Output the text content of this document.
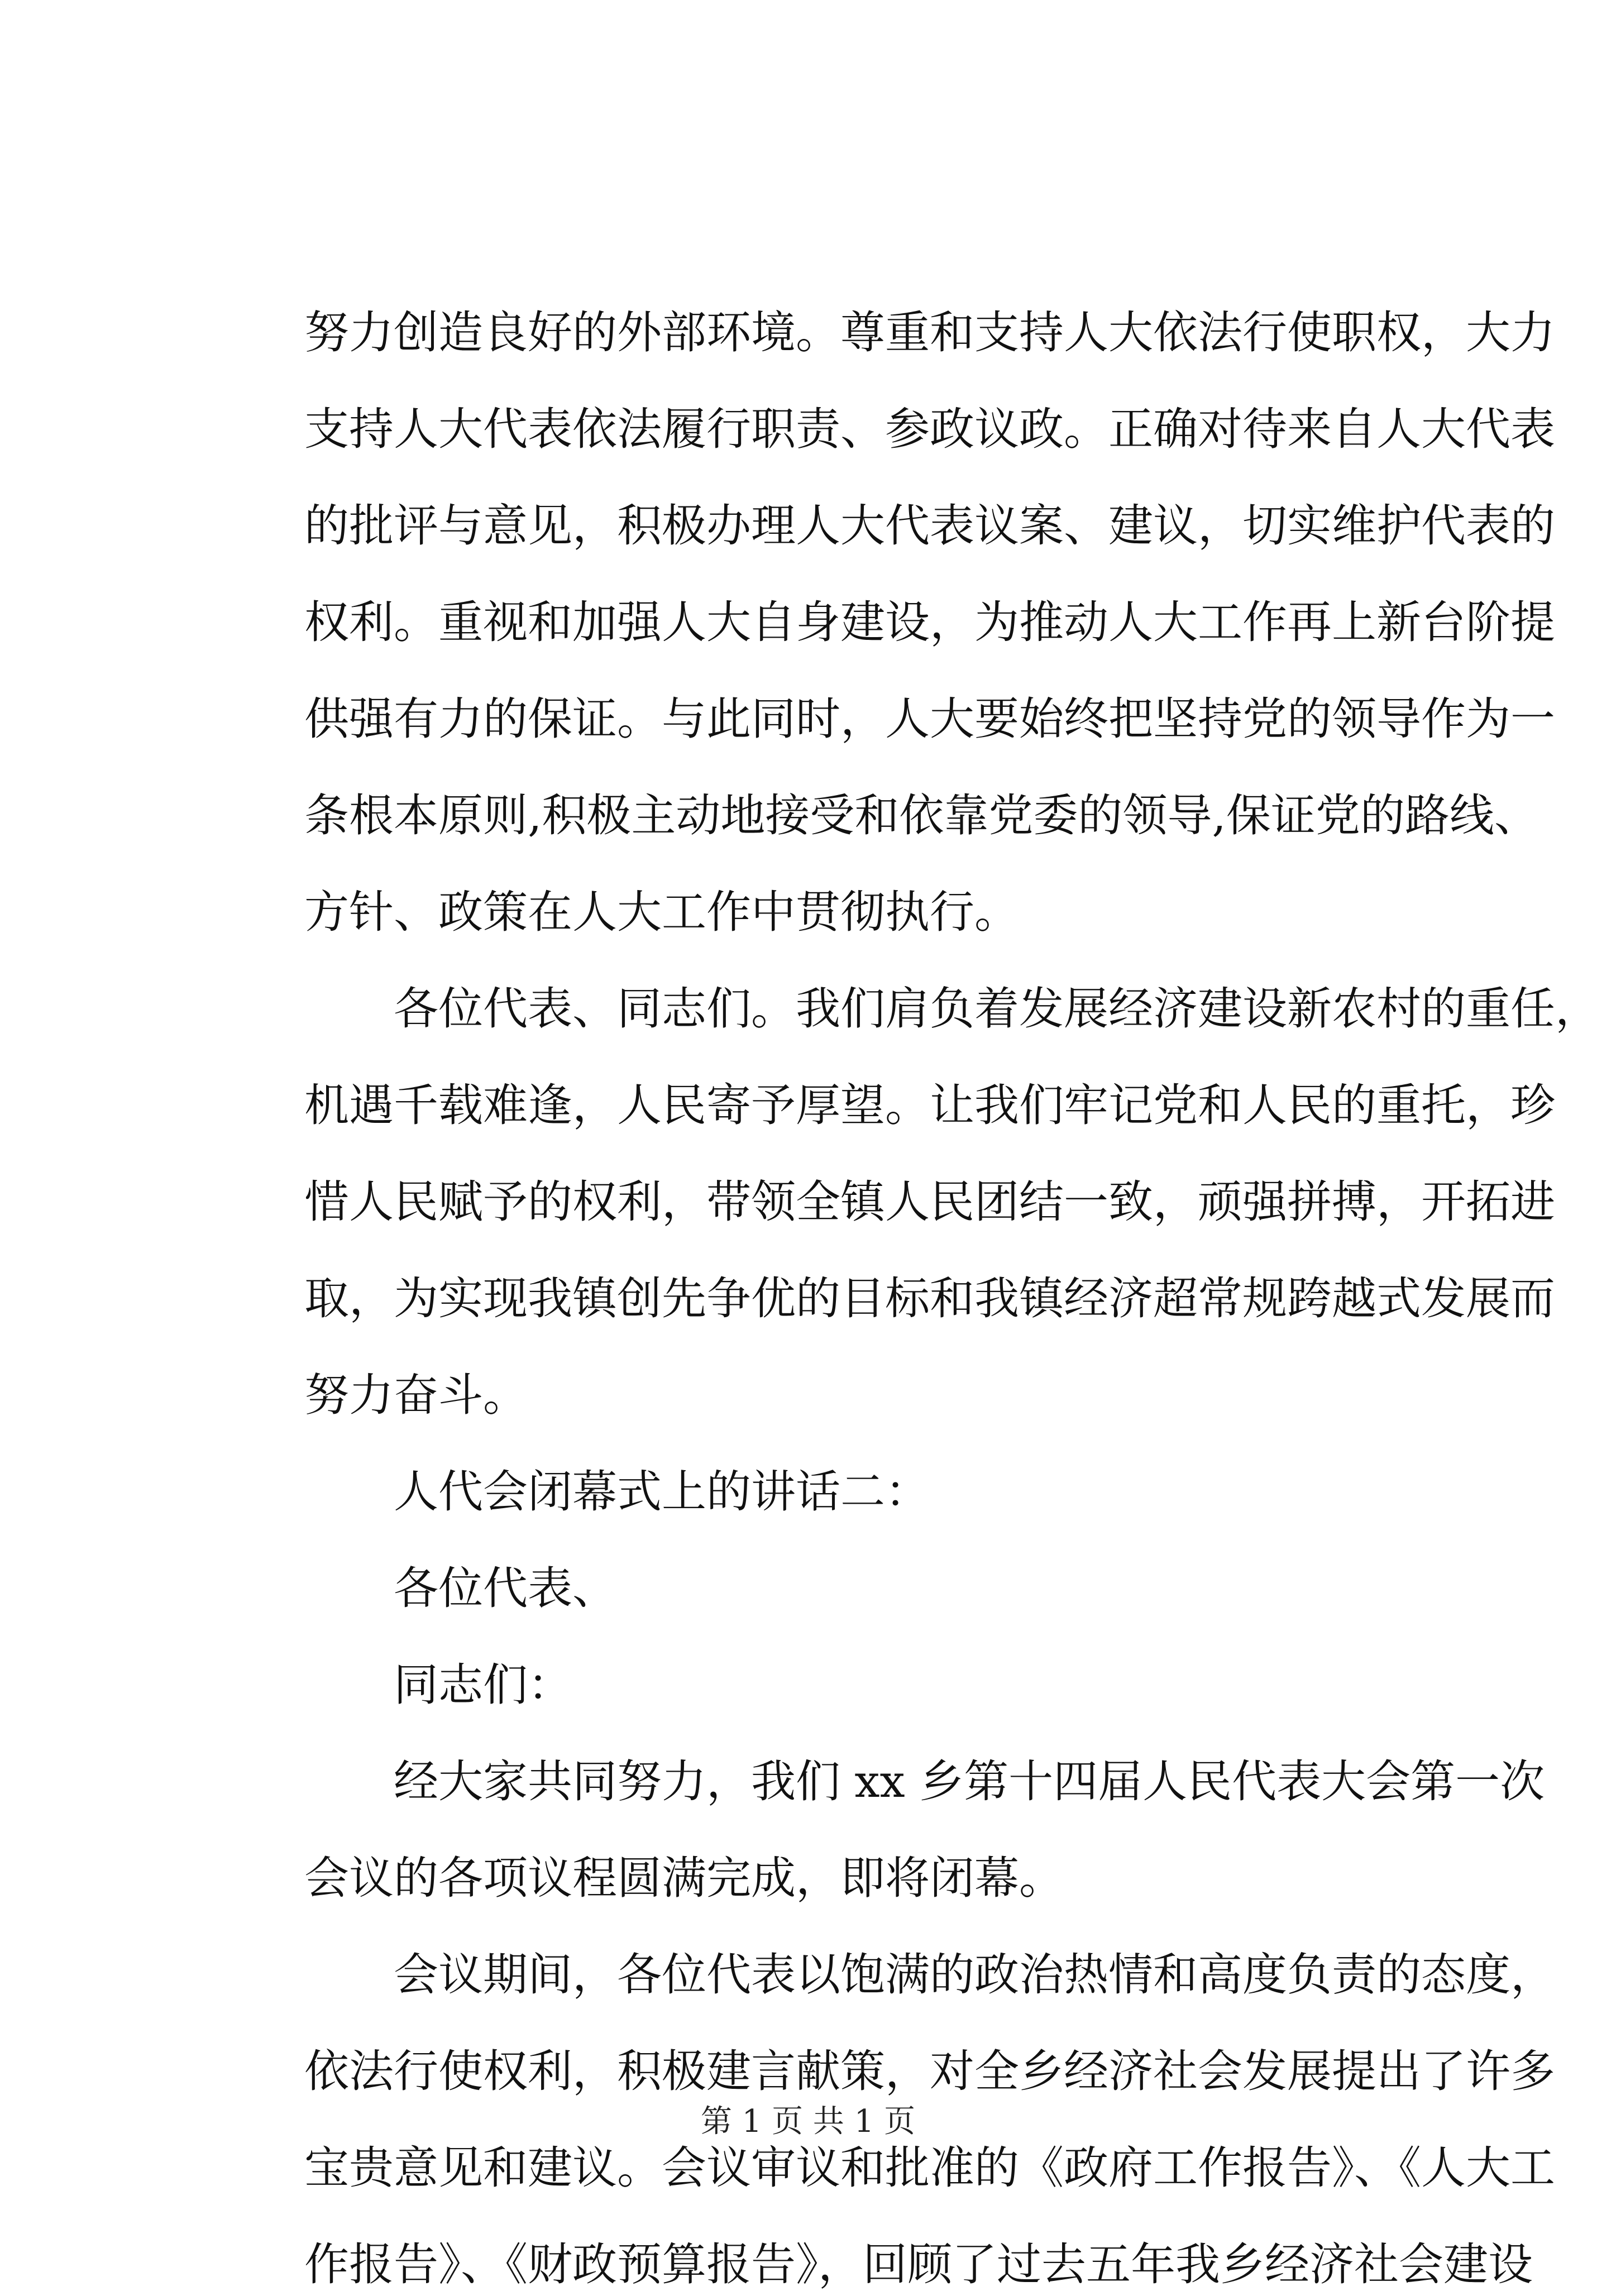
努力创造良好的外部环境。尊重和支持人大依法行使职权，大力
支持人大代表依法履行职责、参政议政。正确对待来自人大代表
的批评与意见，积极办理人大代表议案、建议，切实维护代表的
权利。重视和加强人大自身建设，为推动人大工作再上新台阶提
供强有力的保证。与此同时，人大要始终把坚持党的领导作为一
条根本原则,积极主动地接受和依靠党委的领导,保证党的路线、
方针、政策在人大工作中贯彻执行。
　　各位代表、同志们。我们肩负着发展经济建设新农村的重任，
机遇千载难逢，人民寄予厚望。让我们牢记党和人民的重托，珍
惜人民赋予的权利，带领全镇人民团结一致，顽强拼搏，开拓进
取，为实现我镇创先争优的目标和我镇经济超常规跨越式发展而
努力奋斗。
　　人代会闭幕式上的讲话二：
　　各位代表、
　　同志们：
　　经大家共同努力，我们 xx 乡第十四届人民代表大会第一次
会议的各项议程圆满完成，即将闭幕。
　　会议期间，各位代表以饱满的政治热情和高度负责的态度，
依法行使权利，积极建言献策，对全乡经济社会发展提出了许多
宝贵意见和建议。会议审议和批准的《政府工作报告》、《人大工
作报告》、《财政预算报告》，回顾了过去五年我乡经济社会建设
第 1 页 共 1 页
